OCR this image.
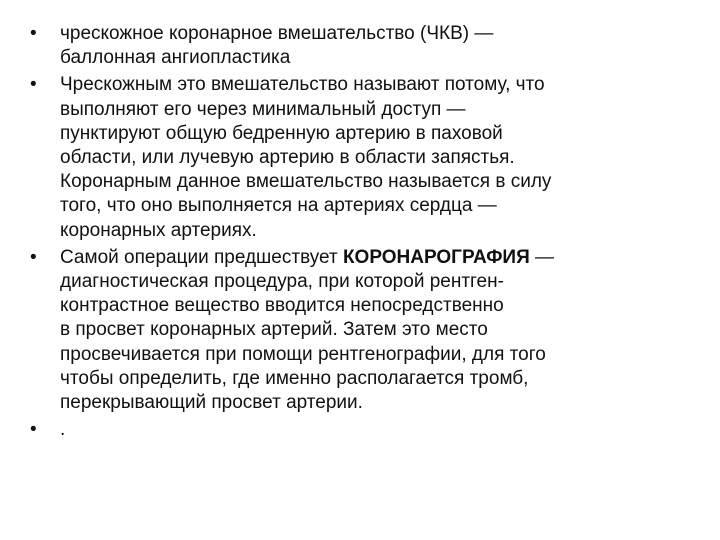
•	чрескожное коронарное вмешательство (ЧКВ) —
баллонная ангиопластика
•	Чрескожным это вмешательство называют потому, что
выполняют его через минимальный доступ —
пунктируют общую бедренную артерию в паховой
области, или лучевую артерию в области запястья.
Коронарным данное вмешательство называется в силу
того, что оно выполняется на артериях сердца —
коронарных артериях.
•	Самой операции предшествует КОРОНАРОГРАФИЯ —
диагностическая процедура, при которой рентген-
контрастное вещество вводится непосредственно
в просвет коронарных артерий. Затем это место
просвечивается при помощи рентгенографии, для того
чтобы определить, где именно располагается тромб,
перекрывающий просвет артерии.
•	.
